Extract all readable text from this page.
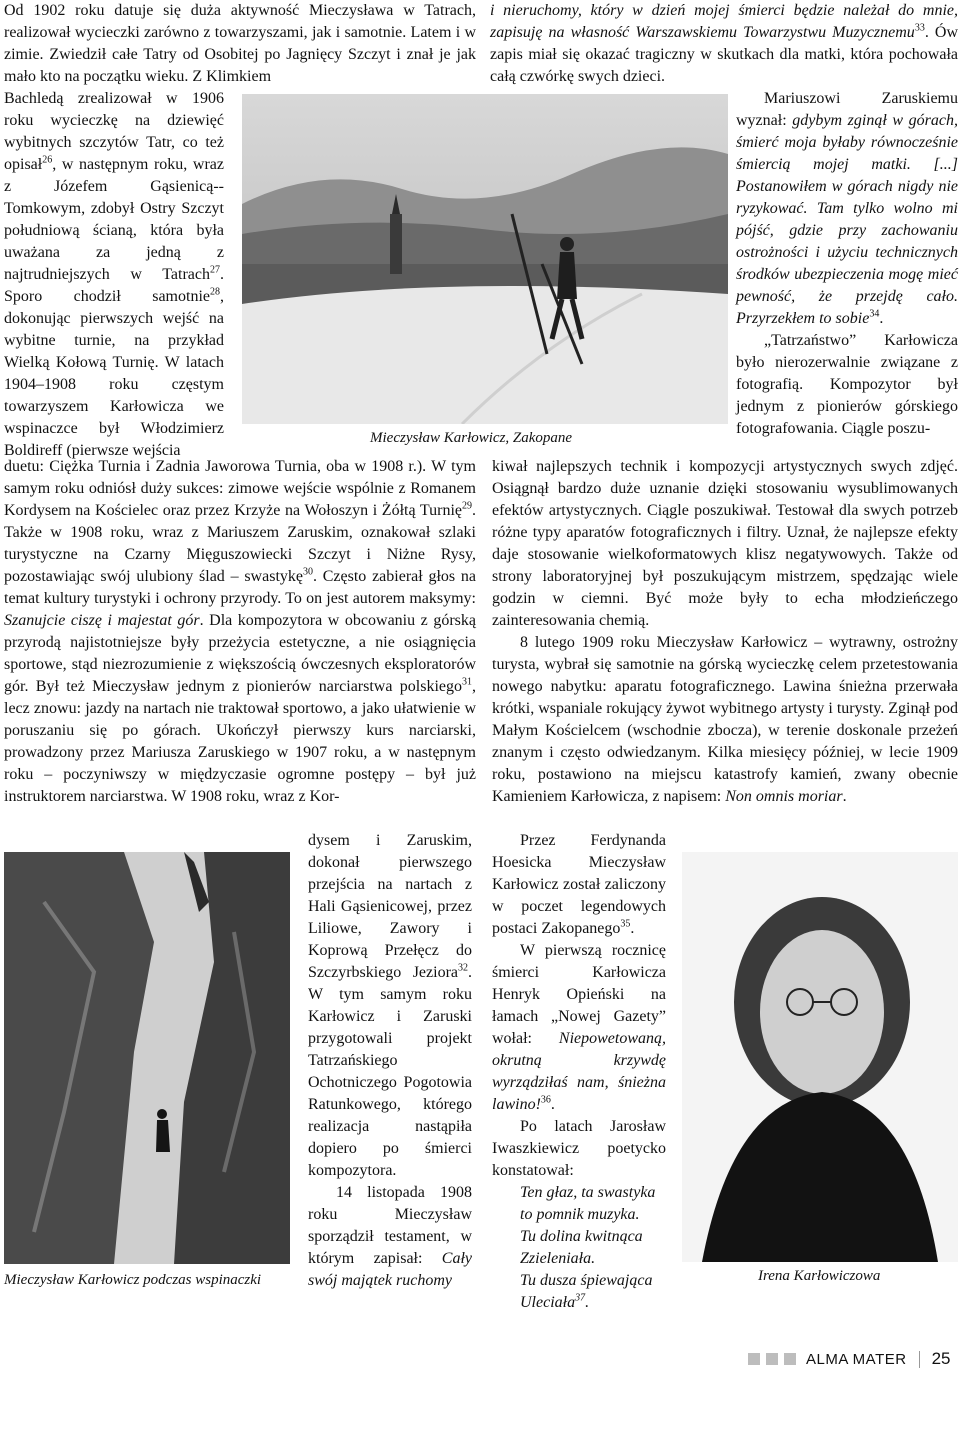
Od 1902 roku datuje się duża aktywność Mieczysława w Tatrach, realizował wycieczki zarówno z towarzyszami, jak i samotnie. Latem i w zimie. Zwiedził całe Tatry od Osobitej po Jagnięcy Szczyt i znał je jak mało kto na początku wieku. Z Klimkiem
Bachledą zrealizował w 1906 roku wycieczkę na dziewięć wybitnych szczytów Tatr, co też opisał$^{26}$, w następnym roku, wraz z Józefem Gąsienicą--Tomkowym, zdobył Ostry Szczyt południową ścianą, która była uważana za jedną z najtrudniejszych w Tatrach$^{27}$. Sporo chodził samotnie$^{28}$, dokonując pierwszych wejść na wybitne turnie, na przykład Wielką Kołową Turnię. W latach 1904–1908 roku częstym towarzyszem Karłowicza we wspinaczce był Włodzimierz Boldireff (pierwsze wejścia
Mieczysław Karłowicz, Zakopane
i nieruchomy, który w dzień mojej śmierci będzie należał do mnie, zapisuję na własność Warszawskiemu Towarzystwu Muzycznemu$^{33}$. Ów zapis miał się okazać tragiczny w skutkach dla matki, która pochowała całą czwórkę swych dzieci.

Mariuszowi Zaruskiemu wyznał: gdybym zginął w górach, śmierć moja byłaby równocześnie śmiercią mojej matki. [...] Postanowiłem w górach nigdy nie ryzykować. Tam tylko wolno mi pójść, gdzie przy zachowaniu ostrożności i użyciu technicznych środków ubezpieczenia mogę mieć pewność, że przejdę cało. Przyrzekłem to sobie$^{34}$.

„Tatrzaństwo” Karłowicza było nierozerwalnie związane z fotografią. Kompozytor był jednym z pionierów górskiego fotografowania. Ciągle poszu-

duetu: Ciężka Turnia i Zadnia Jaworowa Turnia, oba w 1908 r.). W tym samym roku odniósł duży sukces: zimowe wejście wspólnie z Romanem Kordysem na Kościelec oraz przez Krzyże na Wołoszyn i Żółtą Turnię$^{29}$. Także w 1908 roku, wraz z Mariuszem Zaruskim, oznakował szlaki turystyczne na Czarny Mięguszowiecki Szczyt i Niżne Rysy, pozostawiając swój ulubiony ślad – swastykę$^{30}$. Często zabierał głos na temat kultury turystyki i ochrony przyrody. To on jest autorem maksymy: Szanujcie ciszę i majestat gór. Dla kompozytora w obcowaniu z górską przyrodą najistotniejsze były przeżycia estetyczne, a nie osiągnięcia sportowe, stąd niezrozumienie z większością ówczesnych eksploratorów gór. Był też Mieczysław jednym z pionierów narciarstwa polskiego$^{31}$, lecz znowu: jazdy na nartach nie traktował sportowo, a jako ułatwienie w poruszaniu się po górach. Ukończył pierwszy kurs narciarski, prowadzony przez Mariusza Zaruskiego w 1907 roku, a w następnym roku – poczyniwszy w międzyczasie ogromne postępy – był już instruktorem narciarstwa. W 1908 roku, wraz z Kor-
Mieczysław Karłowicz podczas wspinaczki

dysem i Zaruskim, dokonał pierwszego przejścia na nartach z Hali Gąsienicowej, przez Liliowe, Zawory i Koprową Przełęcz do Szczyrbskiego Jeziora$^{32}$. W tym samym roku Karłowicz i Zaruski przygotowali projekt Tatrzańskiego Ochotniczego Pogotowia Ratunkowego, którego realizacja nastąpiła dopiero po śmierci kompozytora.

14 listopada 1908 roku Mieczysław sporządził testament, w którym zapisał: Cały swój majątek ruchomy

kiwał najlepszych technik i kompozycji artystycznych swych zdjęć. Osiągnął bardzo duże uznanie dzięki stosowaniu wysublimowanych efektów artystycznych. Ciągle poszukiwał. Testował dla swych potrzeb różne typy aparatów fotograficznych i filtry. Uznał, że najlepsze efekty daje stosowanie wielkoformatowych klisz negatywowych. Także od strony laboratoryjnej był poszukującym mistrzem, spędzając wiele godzin w ciemni. Być może były to echa młodzieńczego zainteresowania chemią.

8 lutego 1909 roku Mieczysław Karłowicz – wytrawny, ostrożny turysta, wybrał się samotnie na górską wycieczkę celem przetestowania nowego nabytku: aparatu fotograficznego. Lawina śnieżna przerwała krótki, wspaniale rokujący żywot wybitnego artysty i turysty. Zginął pod Małym Kościelcem (wschodnie zbocza), w terenie doskonale przeżeń znanym i często odwiedzanym. Kilka miesięcy później, w lecie 1909 roku, postawiono na miejscu katastrofy kamień, zwany obecnie Kamieniem Karłowicza, z napisem: Non omnis moriar.

Przez Ferdynanda Hoesicka Mieczysław Karłowicz został zaliczony w poczet legendowych postaci Zakopanego$^{35}$.

W pierwszą rocznicę śmierci Karłowicza Henryk Opieński na łamach „Nowej Gazety” wołał: Niepowetowaną, okrutną krzywdę wyrządziłaś nam, śnieżna lawino!$^{36}$.

Po latach Jarosław Iwaszkiewicz poetycko konstatował:

Ten głaz, ta swastyka
to pomnik muzyka.
Tu dolina kwitnąca
Zzieleniała.
Tu dusza śpiewająca
Uleciała$^{37}$.
Irena Karłowiczowa
ALMA MATER	25
